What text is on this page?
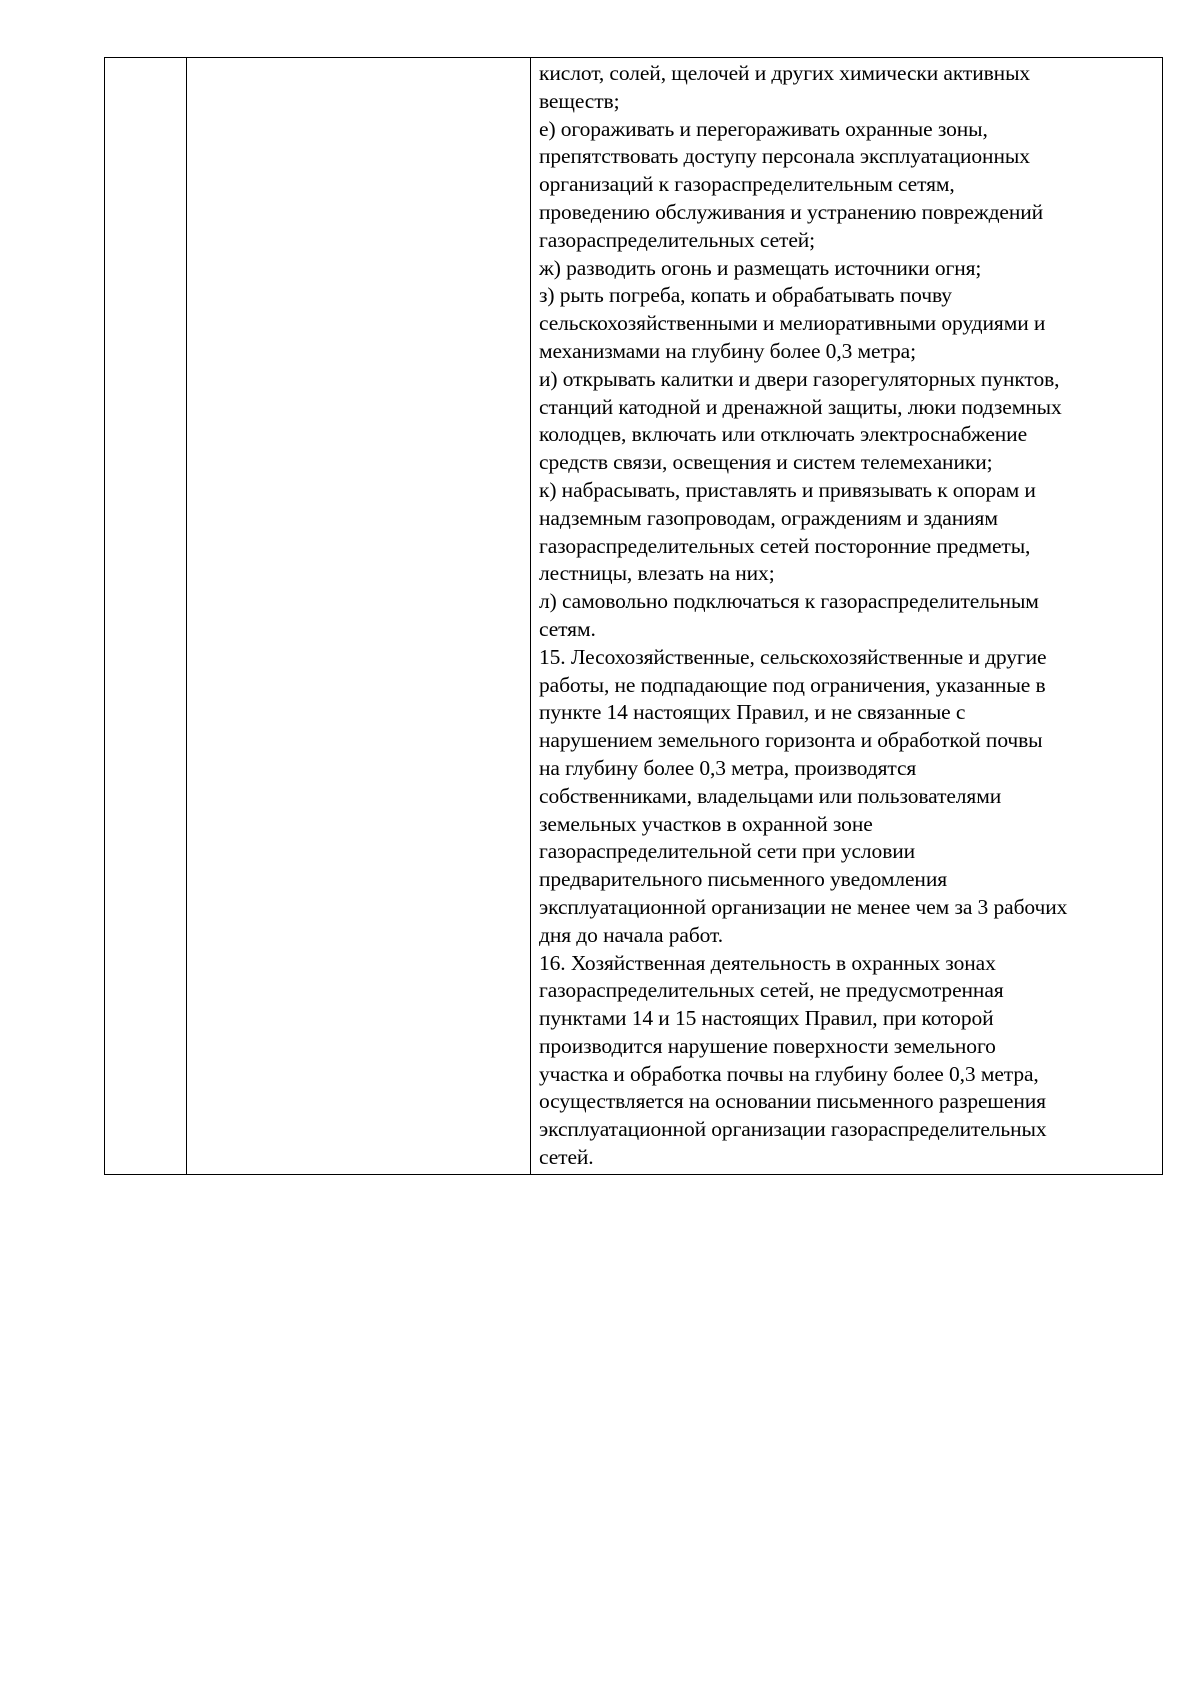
кислот, солей, щелочей и других химически активных
веществ;
е) огораживать и перегораживать охранные зоны,
препятствовать доступу персонала эксплуатационных
организаций к газораспределительным сетям,
проведению обслуживания и устранению повреждений
газораспределительных сетей;
ж) разводить огонь и размещать источники огня;
з) рыть погреба, копать и обрабатывать почву
сельскохозяйственными и мелиоративными орудиями и
механизмами на глубину более 0,3 метра;
и) открывать калитки и двери газорегуляторных пунктов,
станций катодной и дренажной защиты, люки подземных
колодцев, включать или отключать электроснабжение
средств связи, освещения и систем телемеханики;
к) набрасывать, приставлять и привязывать к опорам и
надземным газопроводам, ограждениям и зданиям
газораспределительных сетей посторонние предметы,
лестницы, влезать на них;
л) самовольно подключаться к газораспределительным
сетям.
15. Лесохозяйственные, сельскохозяйственные и другие
работы, не подпадающие под ограничения, указанные в
пункте 14 настоящих Правил, и не связанные с
нарушением земельного горизонта и обработкой почвы
на глубину более 0,3 метра, производятся
собственниками, владельцами или пользователями
земельных участков в охранной зоне
газораспределительной сети при условии
предварительного письменного уведомления
эксплуатационной организации не менее чем за 3 рабочих
дня до начала работ.
16. Хозяйственная деятельность в охранных зонах
газораспределительных сетей, не предусмотренная
пунктами 14 и 15 настоящих Правил, при которой
производится нарушение поверхности земельного
участка и обработка почвы на глубину более 0,3 метра,
осуществляется на основании письменного разрешения
эксплуатационной организации газораспределительных
сетей.
